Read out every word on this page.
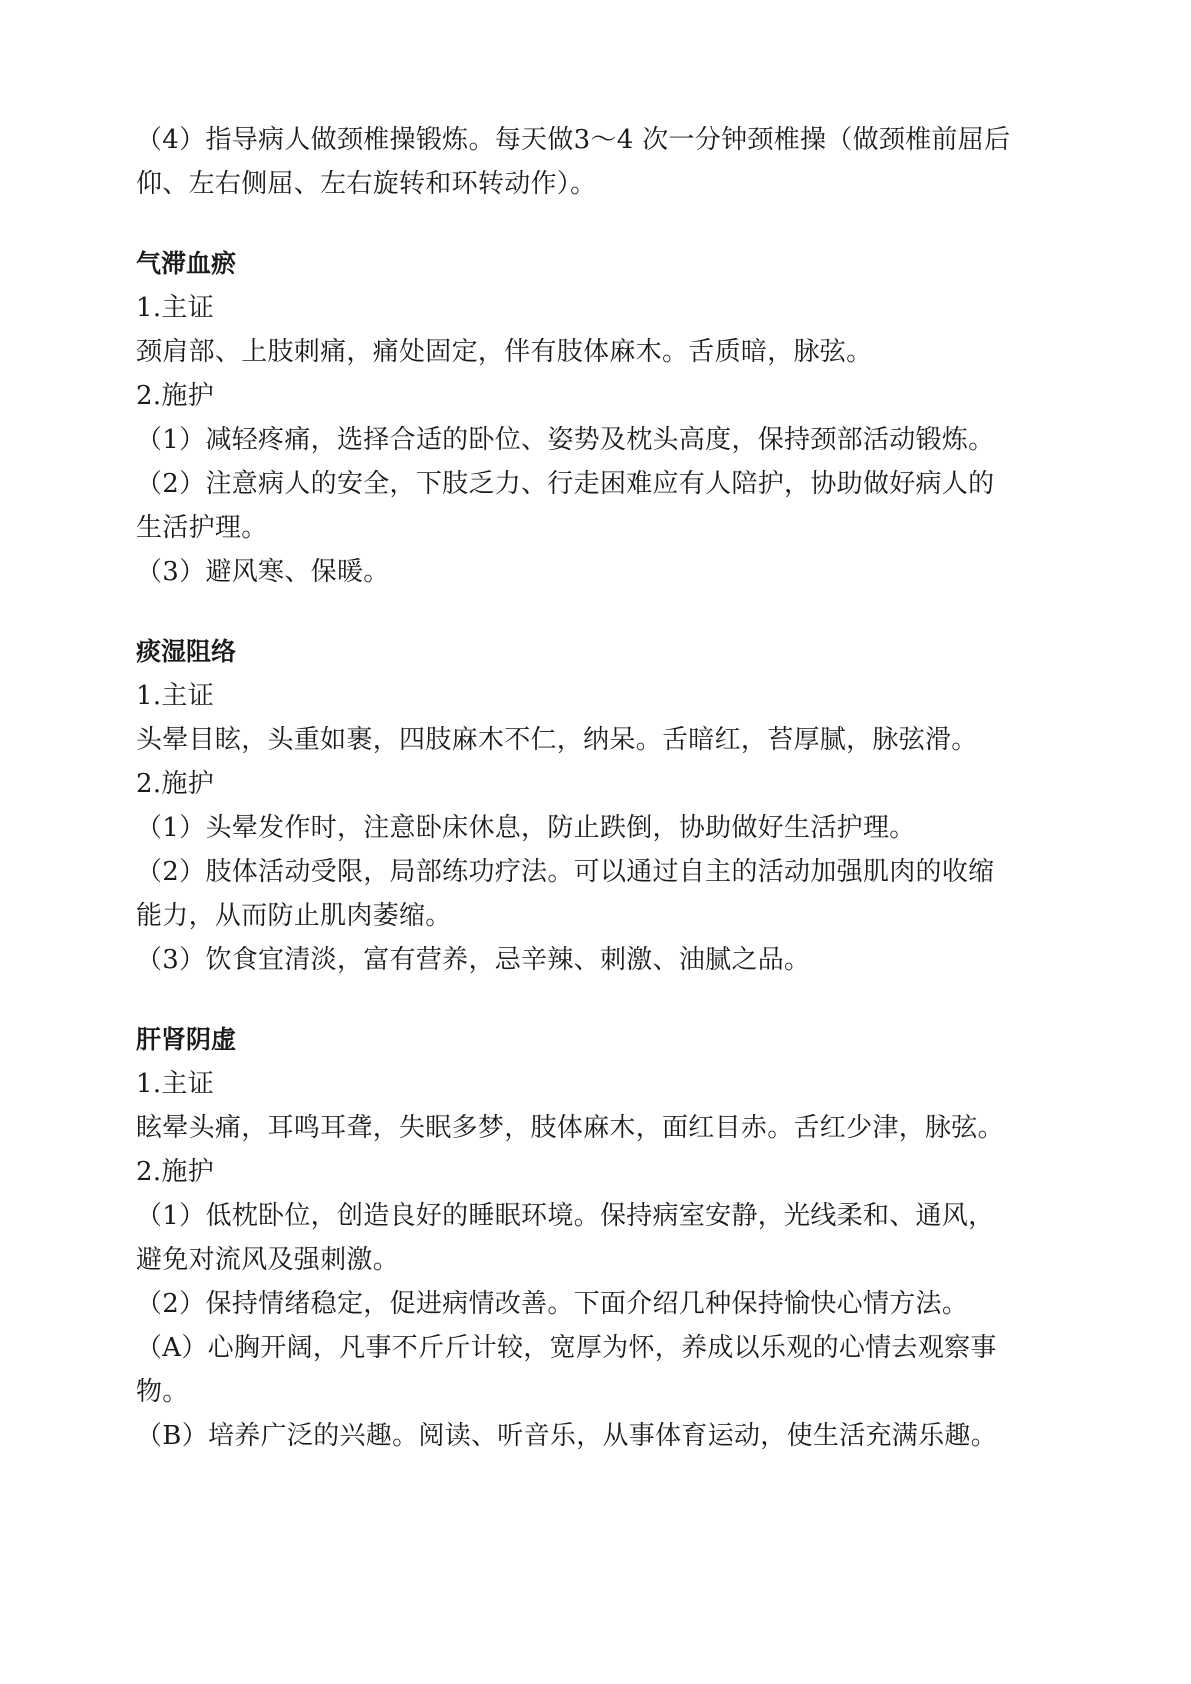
（4）指导病人做颈椎操锻炼。每天做3～4 次一分钟颈椎操（做颈椎前屈后
仰、左右侧屈、左右旋转和环转动作）。
气滞血瘀
1.主证
颈肩部、上肢刺痛，痛处固定，伴有肢体麻木。舌质暗，脉弦。
2.施护
（1）减轻疼痛，选择合适的卧位、姿势及枕头高度，保持颈部活动锻炼。
（2）注意病人的安全，下肢乏力、行走困难应有人陪护，协助做好病人的
生活护理。
（3）避风寒、保暖。
痰湿阻络
1.主证
头晕目眩，头重如裹，四肢麻木不仁，纳呆。舌暗红，苔厚腻，脉弦滑。
2.施护
（1）头晕发作时，注意卧床休息，防止跌倒，协助做好生活护理。
（2）肢体活动受限，局部练功疗法。可以通过自主的活动加强肌肉的收缩
能力，从而防止肌肉萎缩。
（3）饮食宜清淡，富有营养，忌辛辣、刺激、油腻之品。
肝肾阴虚
1.主证
眩晕头痛，耳鸣耳聋，失眠多梦，肢体麻木，面红目赤。舌红少津，脉弦。
2.施护
（1）低枕卧位，创造良好的睡眠环境。保持病室安静，光线柔和、通风，
避免对流风及强刺激。
（2）保持情绪稳定，促进病情改善。下面介绍几种保持愉快心情方法。
（A）心胸开阔，凡事不斤斤计较，宽厚为怀，养成以乐观的心情去观察事
物。
（B）培养广泛的兴趣。阅读、听音乐，从事体育运动，使生活充满乐趣。
